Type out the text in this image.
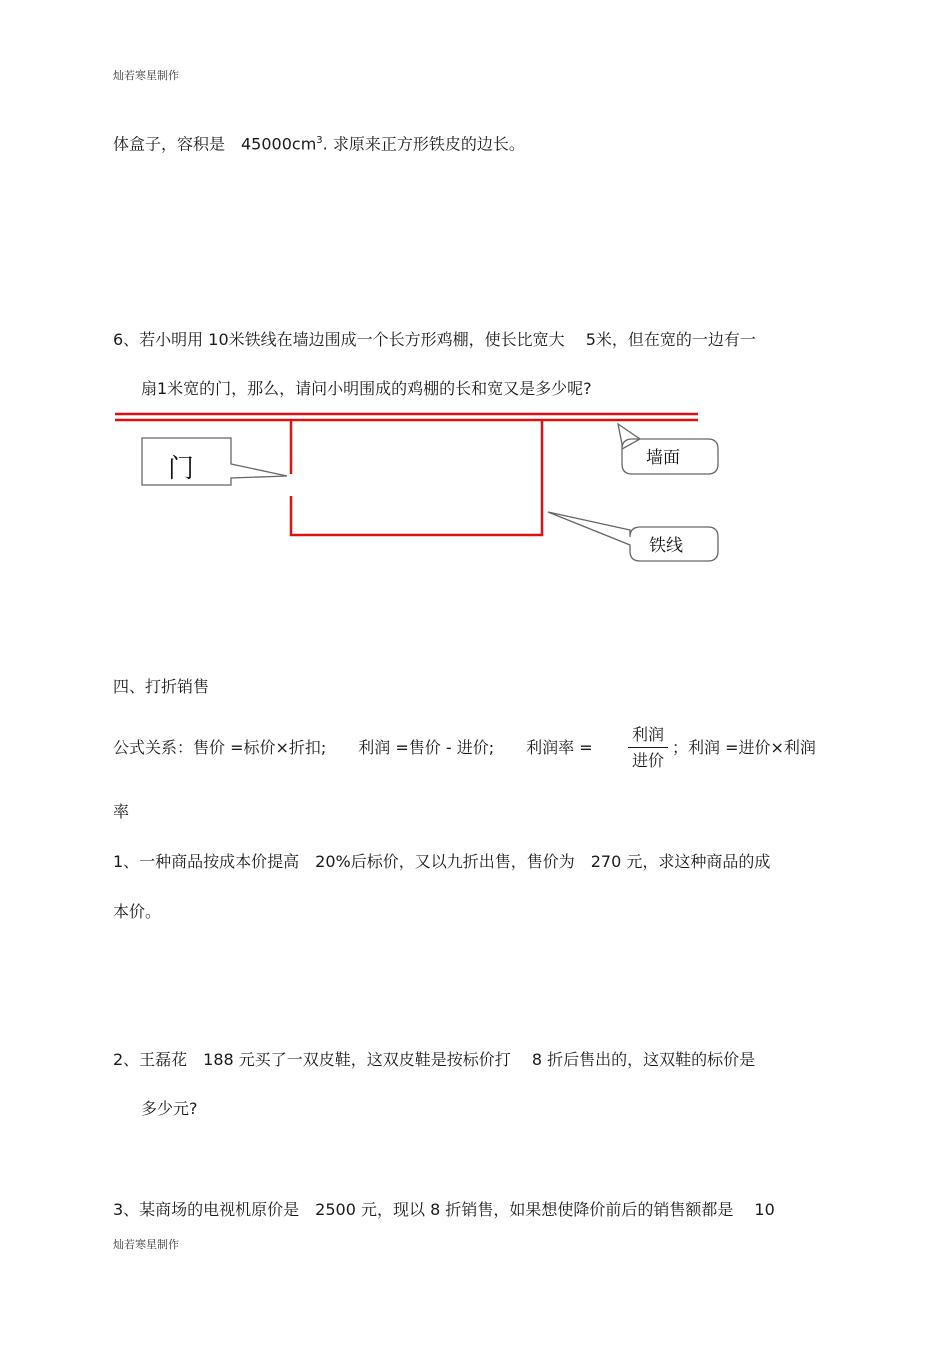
灿若寒星制作
体盒子，容积是　$45000cm^3$. 求原来正方形铁皮的边长。
6、若小明用 10米铁线在墙边围成一个长方形鸡棚，使长比宽大　 5米，但在宽的一边有一
扇1米宽的门，那么，请问小明围成的鸡棚的长和宽又是多少呢?
门	墙面
铁线
四、打折销售
公式关系：售价 =标价×折扣;　　利润 =售价 - 进价;　　利润率 =
利润
进价
；利润 =进价×利润
率
1、一种商品按成本价提高　20%后标价，又以九折出售，售价为　270 元，求这种商品的成
本价。
2、王磊花　188 元买了一双皮鞋，这双皮鞋是按标价打　 8 折后售出的，这双鞋的标价是
多少元?
3、某商场的电视机原价是　2500 元，现以 8 折销售，如果想使降价前后的销售额都是　 10
灿若寒星制作
